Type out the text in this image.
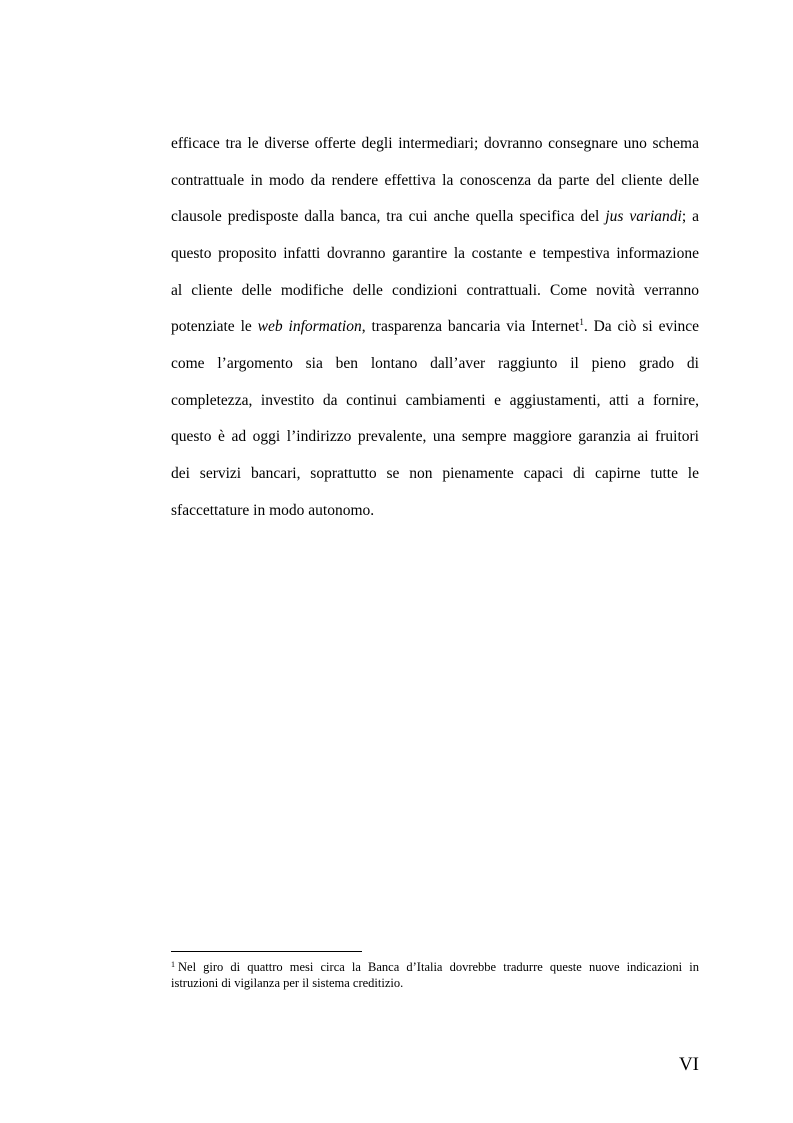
efficace tra le diverse offerte degli intermediari; dovranno consegnare uno schema
contrattuale in modo da rendere effettiva la conoscenza da parte del cliente delle
clausole predisposte dalla banca, tra cui anche quella specifica del jus variandi; a
questo proposito infatti dovranno garantire la costante e tempestiva informazione
al cliente delle modifiche delle condizioni contrattuali. Come novità verranno
potenziate le web information, trasparenza bancaria via Internet$^1$. Da ciò si evince
come l’argomento sia ben lontano dall’aver raggiunto il pieno grado di
completezza, investito da continui cambiamenti e aggiustamenti, atti a fornire,
questo è ad oggi l’indirizzo prevalente, una sempre maggiore garanzia ai fruitori
dei servizi bancari, soprattutto se non pienamente capaci di capirne tutte le
sfaccettature in modo autonomo.
$^1$ Nel giro di quattro mesi circa la Banca d’Italia dovrebbe tradurre queste nuove indicazioni in
istruzioni di vigilanza per il sistema creditizio.
VI
